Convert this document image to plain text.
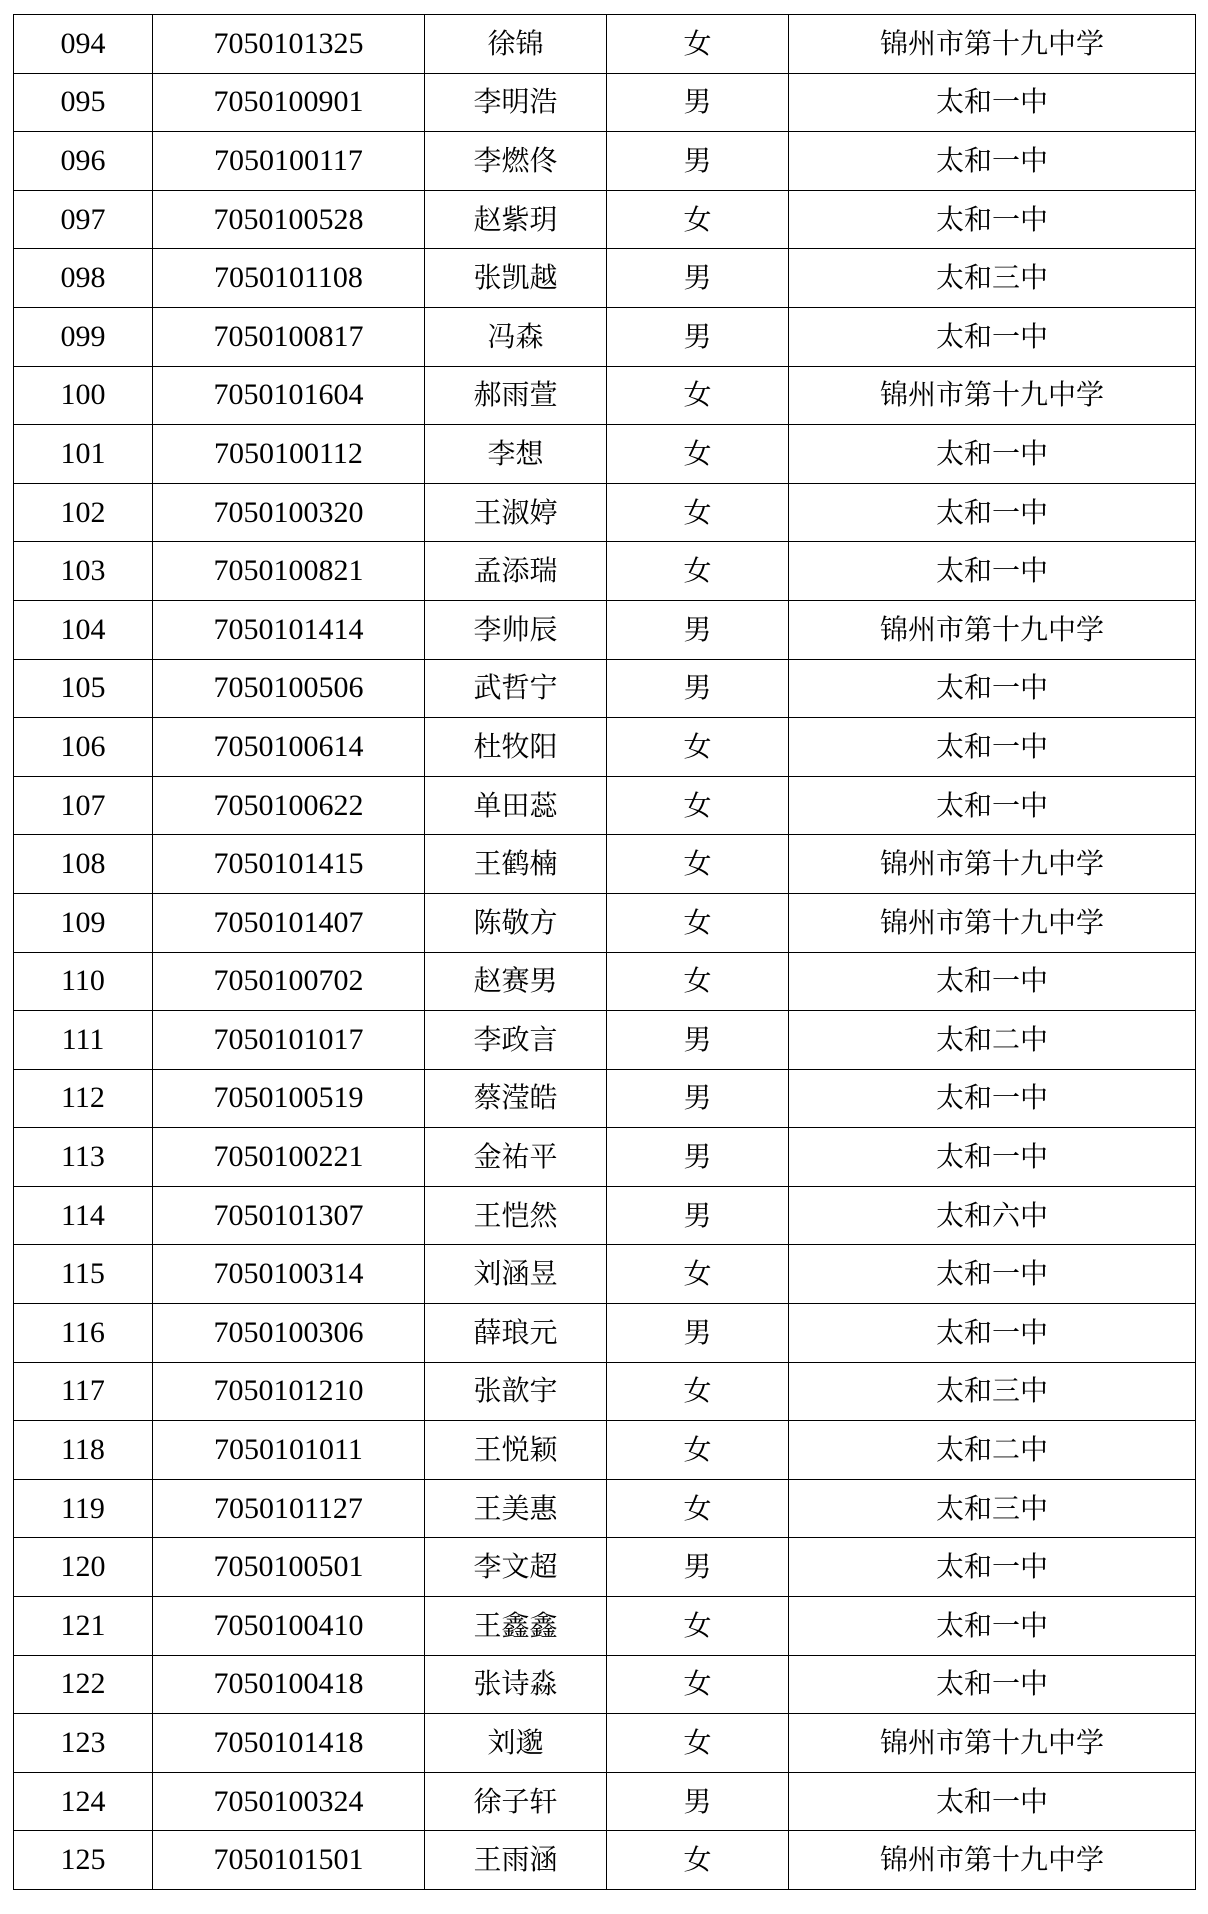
094	7050101325	徐锦	女	锦州市第十九中学
095	7050100901	李明浩	男	太和一中
096	7050100117	李燃佟	男	太和一中
097	7050100528	赵紫玥	女	太和一中
098	7050101108	张凯越	男	太和三中
099	7050100817	冯森	男	太和一中
100	7050101604	郝雨萱	女	锦州市第十九中学
101	7050100112	李想	女	太和一中
102	7050100320	王淑婷	女	太和一中
103	7050100821	孟添瑞	女	太和一中
104	7050101414	李帅辰	男	锦州市第十九中学
105	7050100506	武哲宁	男	太和一中
106	7050100614	杜牧阳	女	太和一中
107	7050100622	单田蕊	女	太和一中
108	7050101415	王鹤楠	女	锦州市第十九中学
109	7050101407	陈敬方	女	锦州市第十九中学
110	7050100702	赵赛男	女	太和一中
111	7050101017	李政言	男	太和二中
112	7050100519	蔡滢皓	男	太和一中
113	7050100221	金祐平	男	太和一中
114	7050101307	王恺然	男	太和六中
115	7050100314	刘涵昱	女	太和一中
116	7050100306	薛琅元	男	太和一中
117	7050101210	张歆宇	女	太和三中
118	7050101011	王悦颖	女	太和二中
119	7050101127	王美惠	女	太和三中
120	7050100501	李文超	男	太和一中
121	7050100410	王鑫鑫	女	太和一中
122	7050100418	张诗淼	女	太和一中
123	7050101418	刘邈	女	锦州市第十九中学
124	7050100324	徐子轩	男	太和一中
125	7050101501	王雨涵	女	锦州市第十九中学
